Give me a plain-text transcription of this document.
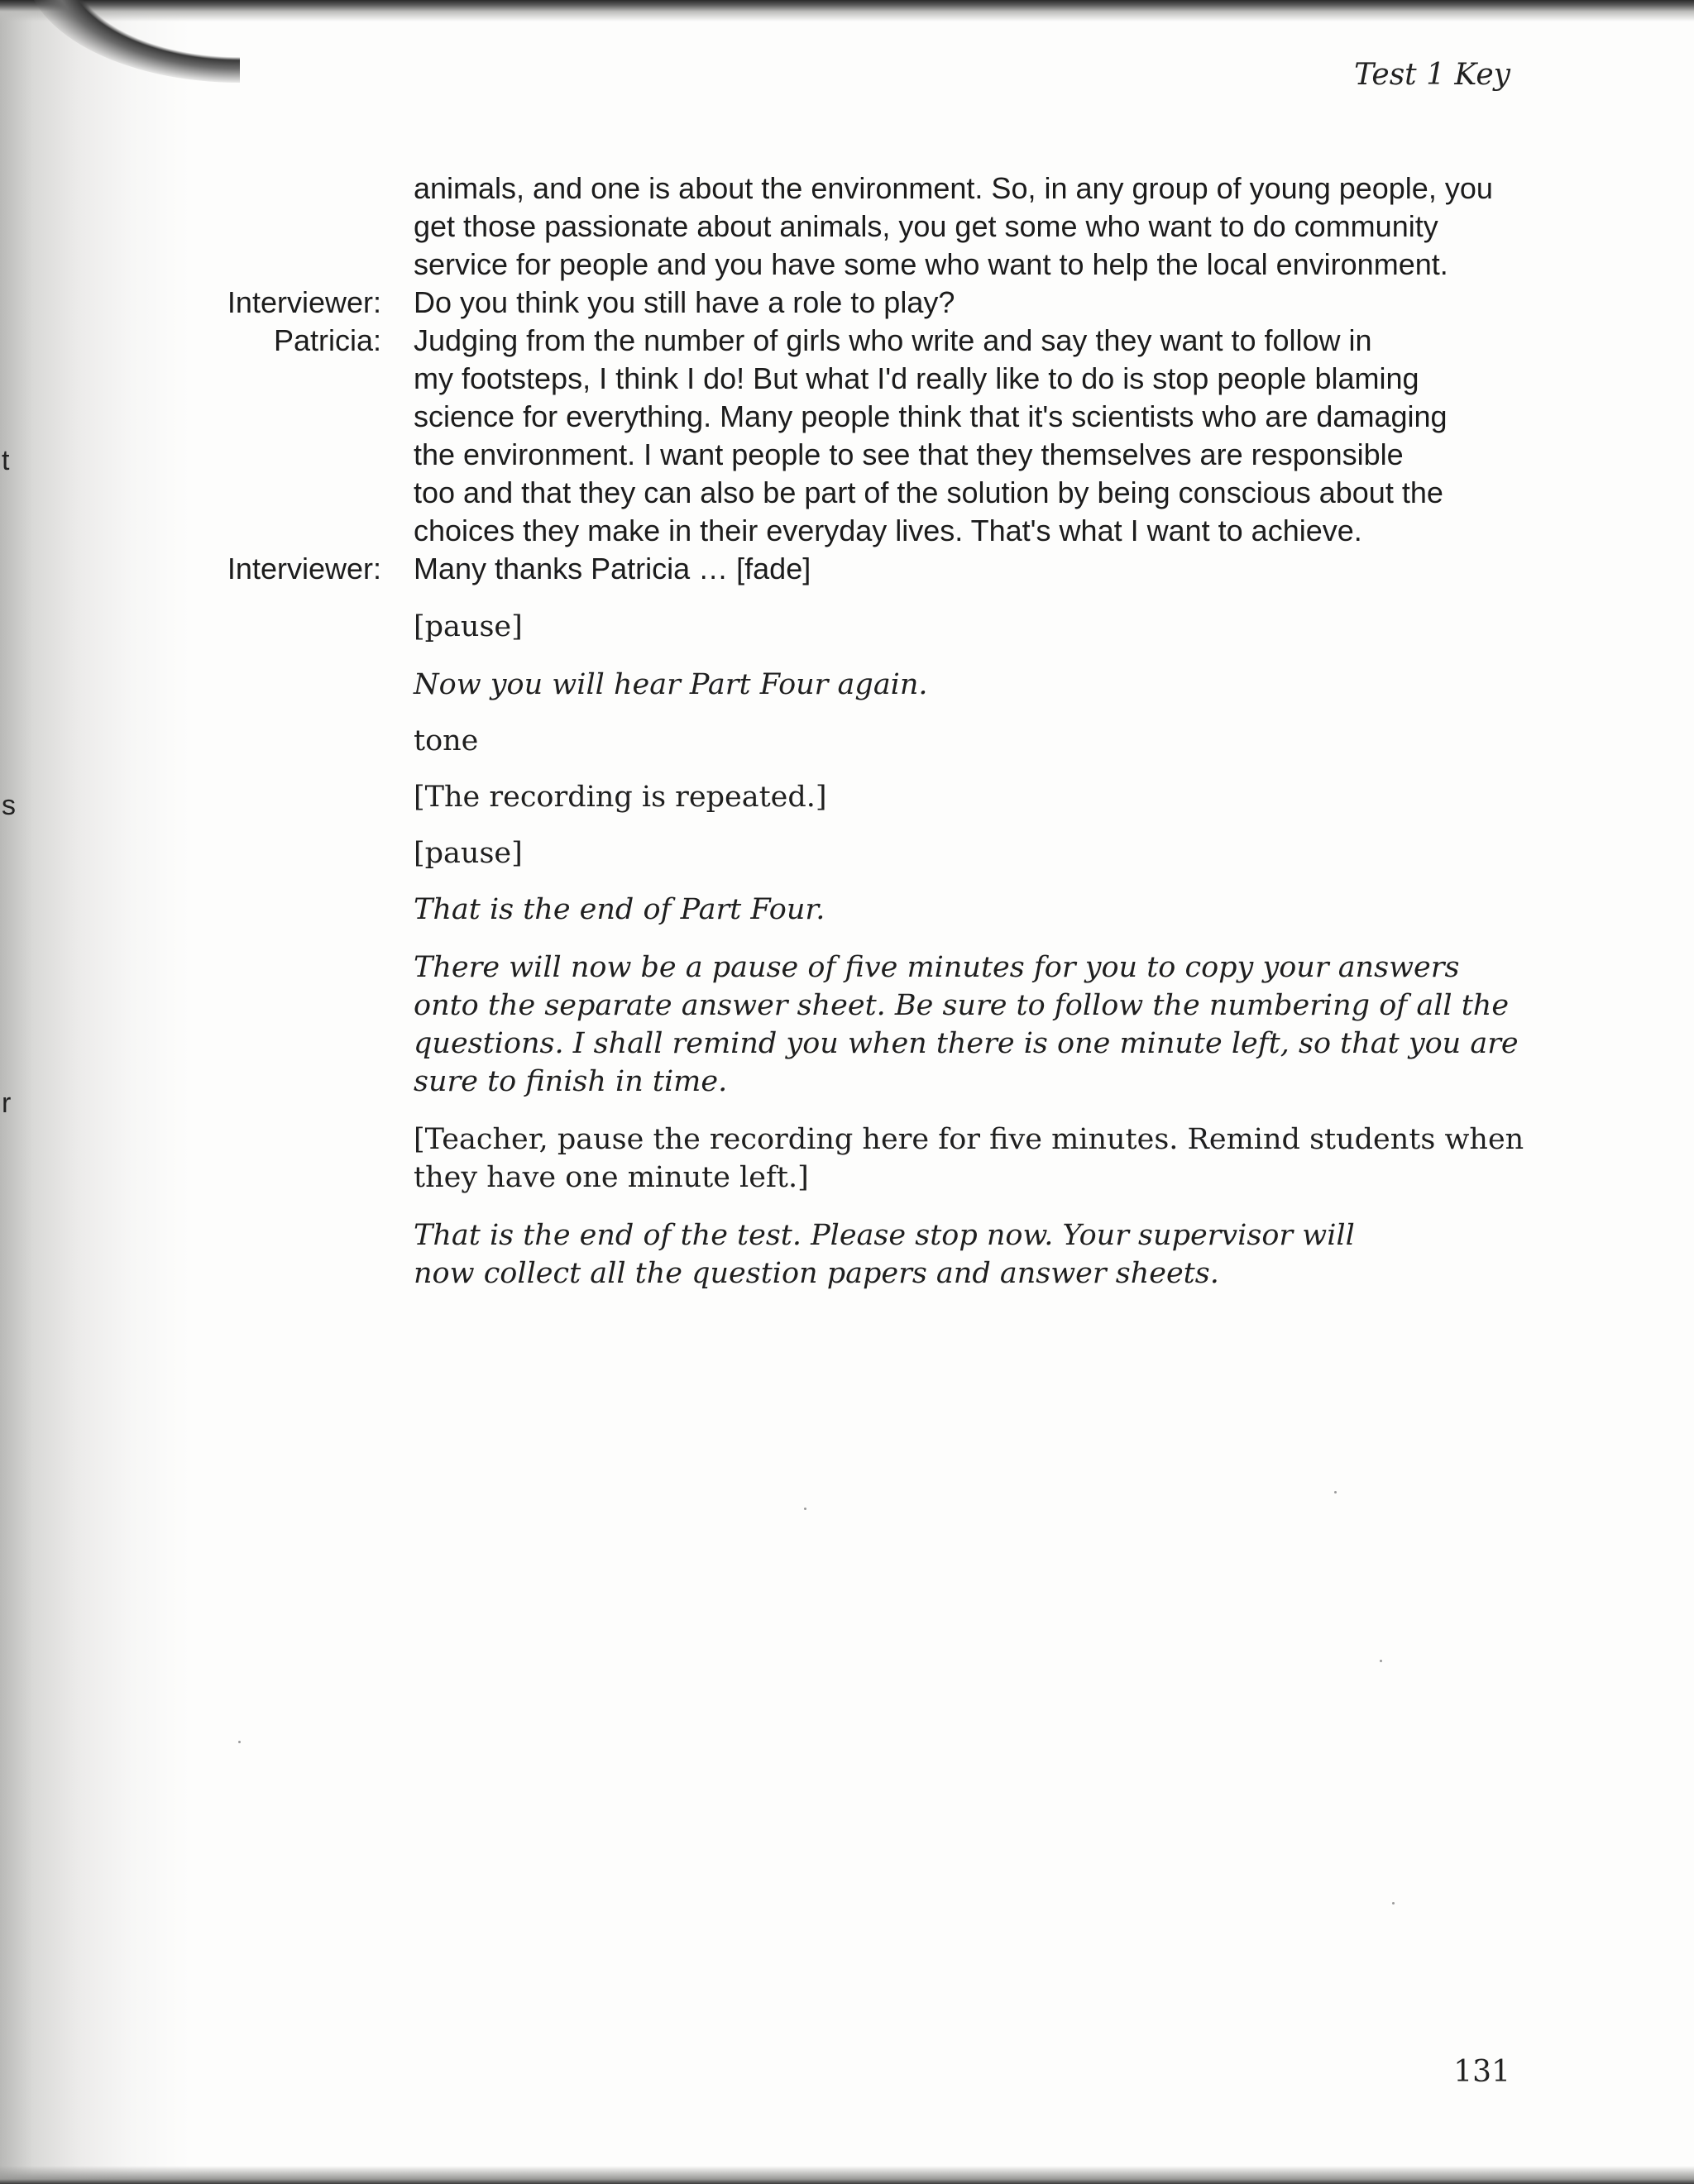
t
s
r
Test 1 Key
animals, and one is about the environment. So, in any group of young people, you
get those passionate about animals, you get some who want to do community
service for people and you have some who want to help the local environment.
Interviewer: Do you think you still have a role to play?
Patricia: Judging from the number of girls who write and say they want to follow in
my footsteps, I think I do! But what I'd really like to do is stop people blaming
science for everything. Many people think that it's scientists who are damaging
the environment. I want people to see that they themselves are responsible
too and that they can also be part of the solution by being conscious about the
choices they make in their everyday lives. That's what I want to achieve.
Interviewer: Many thanks Patricia … [fade]
[pause]
Now you will hear Part Four again.
tone
[The recording is repeated.]
[pause]
That is the end of Part Four.
There will now be a pause of five minutes for you to copy your answers
onto the separate answer sheet. Be sure to follow the numbering of all the
questions. I shall remind you when there is one minute left, so that you are
sure to finish in time.
[Teacher, pause the recording here for five minutes. Remind students when
they have one minute left.]
That is the end of the test. Please stop now. Your supervisor will
now collect all the question papers and answer sheets.
131
